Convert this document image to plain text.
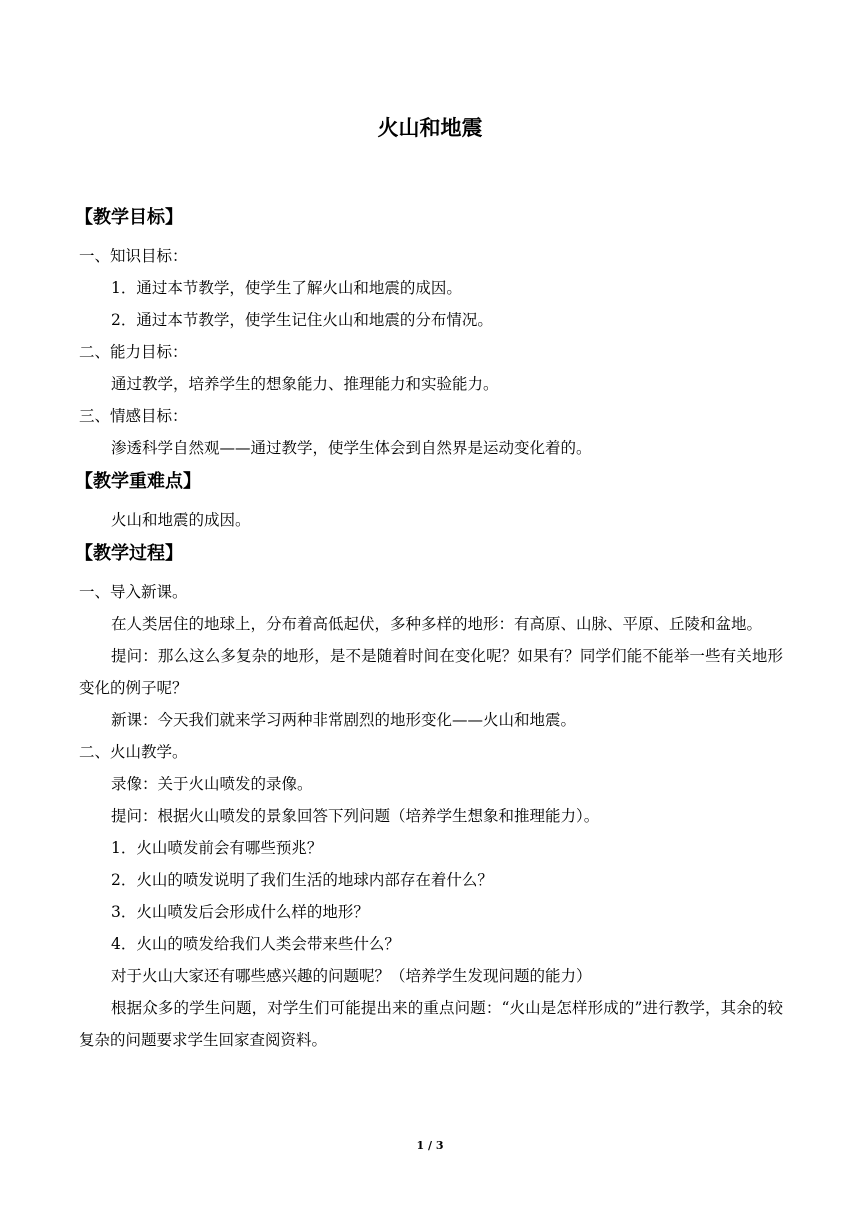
火山和地震
【教学目标】
一、知识目标：
1．通过本节教学，使学生了解火山和地震的成因。
2．通过本节教学，使学生记住火山和地震的分布情况。
二、能力目标：
通过教学，培养学生的想象能力、推理能力和实验能力。
三、情感目标：
渗透科学自然观——通过教学，使学生体会到自然界是运动变化着的。
【教学重难点】
火山和地震的成因。
【教学过程】
一、导入新课。
在人类居住的地球上，分布着高低起伏，多种多样的地形：有高原、山脉、平原、丘陵和盆地。
提问：那么这么多复杂的地形，是不是随着时间在变化呢？如果有？同学们能不能举一些有关地形变化的例子呢？
新课：今天我们就来学习两种非常剧烈的地形变化——火山和地震。
二、火山教学。
录像：关于火山喷发的录像。
提问：根据火山喷发的景象回答下列问题（培养学生想象和推理能力）。
1．火山喷发前会有哪些预兆？
2．火山的喷发说明了我们生活的地球内部存在着什么？
3．火山喷发后会形成什么样的地形？
4．火山的喷发给我们人类会带来些什么？
对于火山大家还有哪些感兴趣的问题呢？（培养学生发现问题的能力）
根据众多的学生问题，对学生们可能提出来的重点问题：“火山是怎样形成的”进行教学，其余的较复杂的问题要求学生回家查阅资料。
1 / 3
